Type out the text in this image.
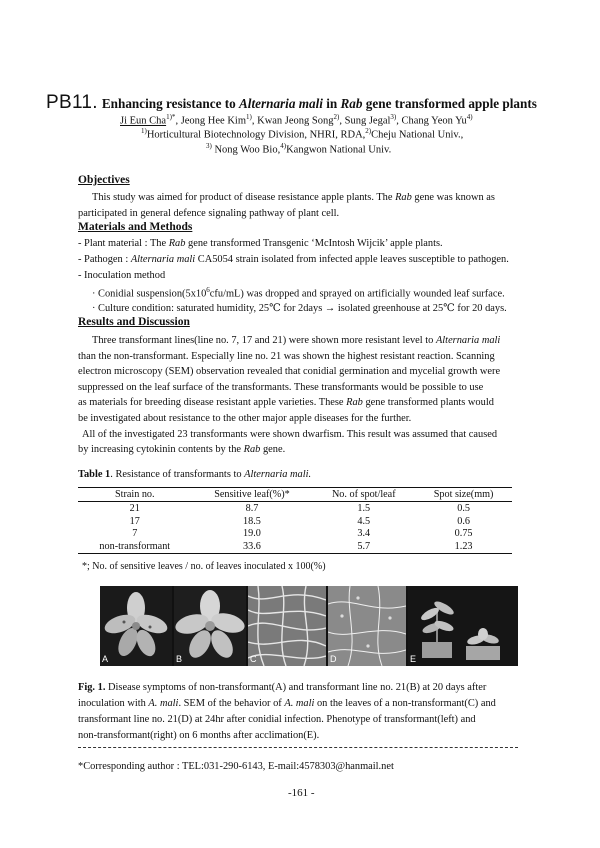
PB11. Enhancing resistance to Alternaria mali in Rab gene transformed apple plants
Ji Eun Cha$^{1)*}$, Jeong Hee Kim$^{1)}$, Kwan Jeong Song$^{2)}$, Sung Jegal$^{3)}$, Chang Yeon Yu$^{4)}$
$^{1)}$Horticultural Biotechnology Division, NHRI, RDA,$^{2)}$Cheju National Univ.,
$^{3)}$ Nong Woo Bio,$^{4)}$Kangwon National Univ.
Objectives
This study was aimed for product of disease resistance apple plants. The Rab gene was known as
participated in general defence signaling pathway of plant cell.
Materials and Methods
- Plant material : The Rab gene transformed Transgenic ‘McIntosh Wijcik’ apple plants.
- Pathogen : Alternaria mali CA5054 strain isolated from infected apple leaves susceptible to pathogen.
- Inoculation method
· Conidial $suspension(5x10^6cfu/mL)$ was dropped and sprayed on artificially wounded leaf surface.
· Culture condition: saturated humidity, 25℃ for 2days → isolated greenhouse at 25℃ for 20 days.
Results and Discussion
Three transformant lines(line no. 7, 17 and 21) were shown more resistant level to Alternaria mali
than the non-transformant. Especially line no. 21 was shown the highest resistant reaction. Scanning
electron microscopy (SEM) observation revealed that conidial germination and mycelial growth were
suppressed on the leaf surface of the transformants. These transformants would be possible to use
as materials for breeding disease resistant apple varieties. These Rab gene transformed plants would
be investigated about resistance to the other major apple diseases for the further.
All of the investigated 23 transformants were shown dwarfism. This result was assumed that caused
by increasing cytokinin contents by the Rab gene.
Table 1. Resistance of transformants to Alternaria mali.
Strain no.	Sensitive leaf(%)*	No. of spot/leaf	Spot size(mm)
21	8.7	1.5	0.5
17	18.5	4.5	0.6
7	19.0	3.4	0.75
non-transformant	33.6	5.7	1.23
*; No. of sensitive leaves / no. of leaves inoculated x 100(%)
A	B	C	D	E
Fig. 1. Disease symptoms of non-transformant(A) and transformant line no. 21(B) at 20 days after
inoculation with A. mali. SEM of the behavior of A. mali on the leaves of a non-transformant(C) and
transformant line no. 21(D) at 24hr after conidial infection. Phenotype of transformant(left) and
non-transformant(right) on 6 months after acclimation(E).
*Corresponding author : TEL:031-290-6143, E-mail:4578303@hanmail.net
-161 -
